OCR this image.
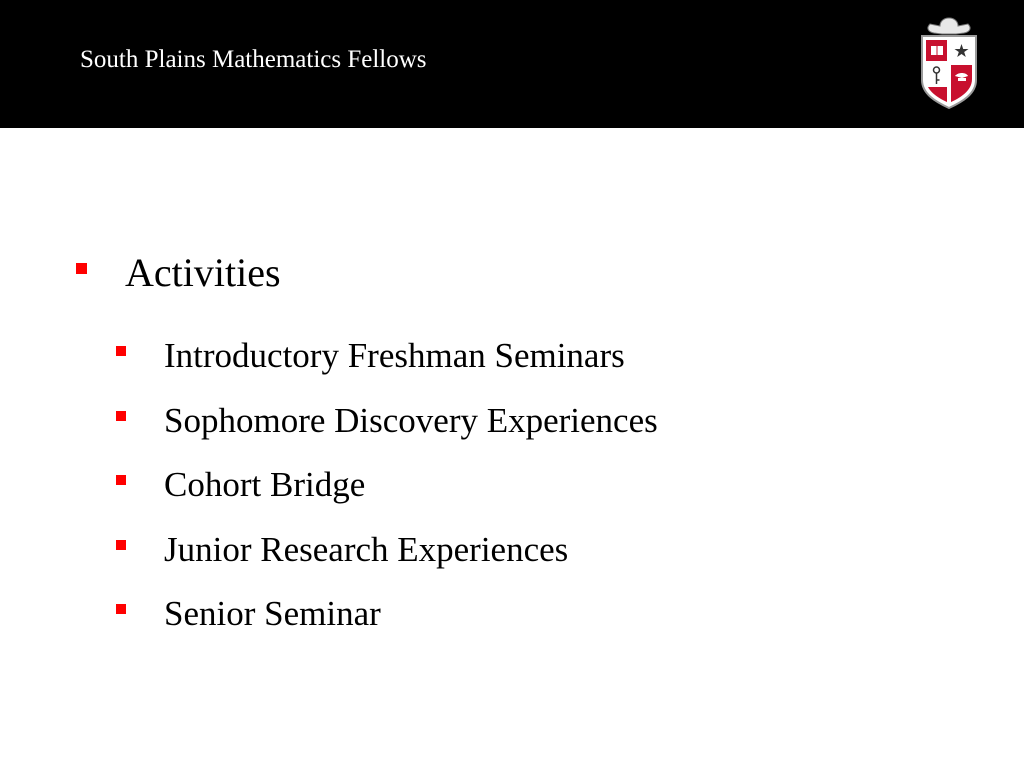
South Plains Mathematics Fellows
Activities
Introductory Freshman Seminars
Sophomore Discovery Experiences
Cohort Bridge
Junior Research Experiences
Senior Seminar
